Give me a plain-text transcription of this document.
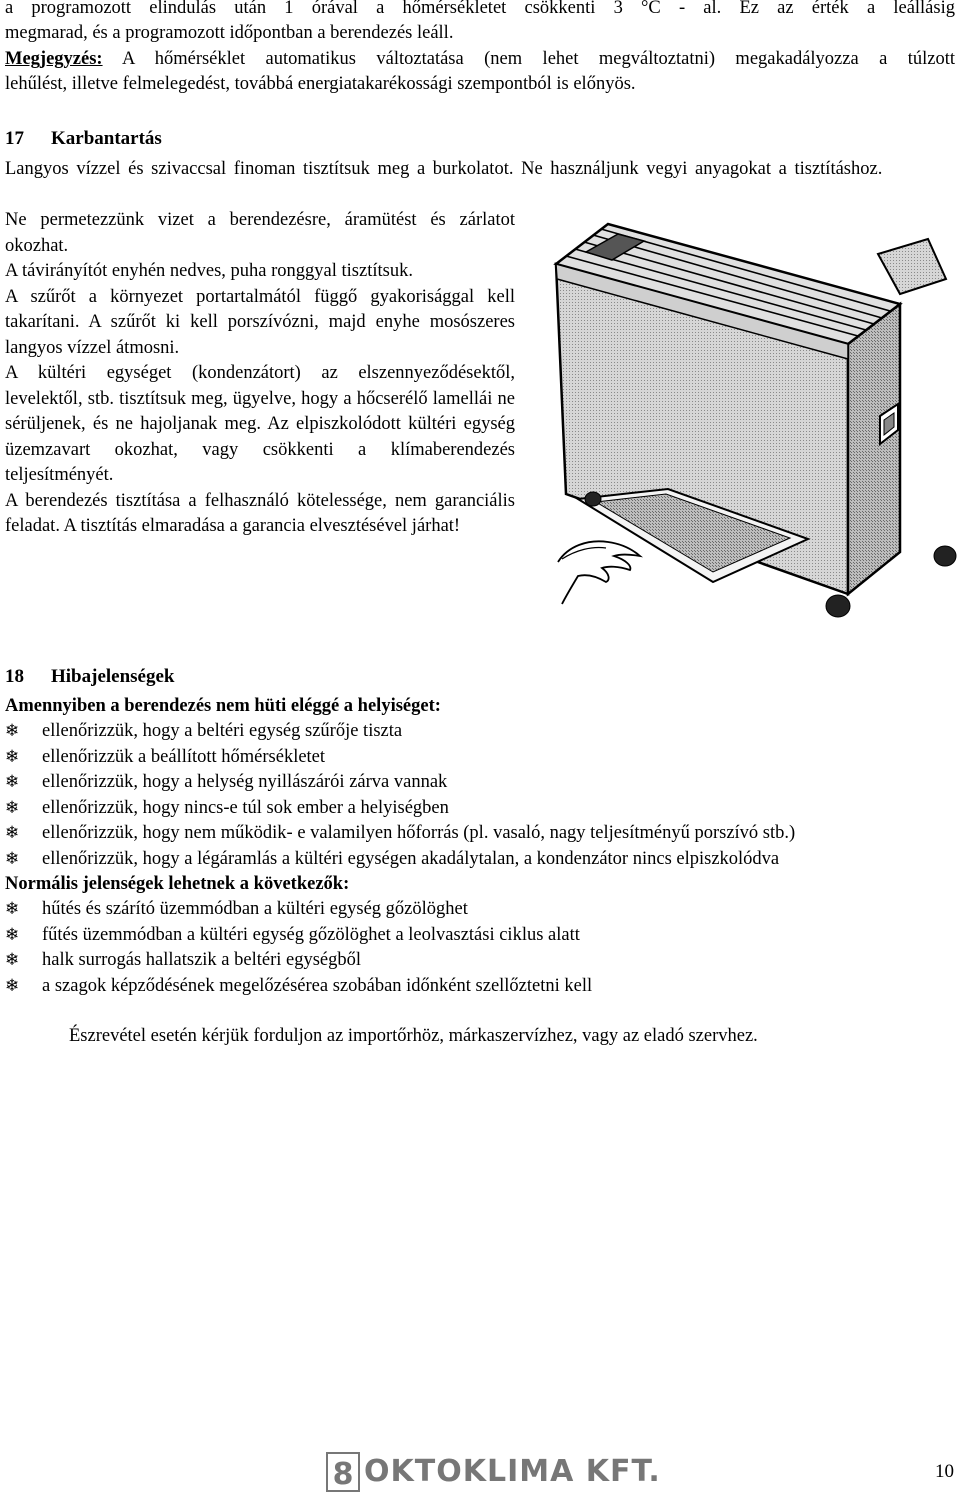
a programozott elindulás után 1 órával a hőmérsékletet csökkenti 3 °C - al. Ez az érték a leállásig
megmarad, és a programozott időpontban a berendezés leáll.
Megjegyzés: A hőmérséklet automatikus változtatása (nem lehet megváltoztatni) megakadályozza a túlzott
lehűlést, illetve felmelegedést, továbbá energiatakarékossági szempontból is előnyös.
17 Karbantartás
Langyos vízzel és szivaccsal finoman tisztítsuk meg a burkolatot. Ne használjunk vegyi anyagokat a tisztításhoz.
Ne permetezzünk vizet a berendezésre, áramütést és zárlatot okozhat.
A távirányítót enyhén nedves, puha ronggyal tisztítsuk.
A szűrőt a környezet portartalmától függő gyakorisággal kell takarítani. A szűrőt ki kell porszívózni, majd enyhe mosószeres langyos vízzel átmosni.
A kültéri egységet (kondenzátort) az elszennyeződésektől, levelektől, stb. tisztítsuk meg, ügyelve, hogy a hőcserélő lamellái ne sérüljenek, és ne hajoljanak meg. Az elpiszkolódott kültéri egység üzemzavart okozhat, vagy csökkenti a klímaberendezés teljesítményét.
A berendezés tisztítása a felhasználó kötelessége, nem garanciális feladat. A tisztítás elmaradása a garancia elvesztésével járhat!
18 Hibajelenségek
Amennyiben a berendezés nem hüti eléggé a helyiséget:
❄	ellenőrizzük, hogy a beltéri egység szűrője tiszta
❄	ellenőrizzük a beállított hőmérsékletet
❄	ellenőrizzük, hogy a helység nyillászárói zárva vannak
❄	ellenőrizzük, hogy nincs-e túl sok ember a helyiségben
❄	ellenőrizzük, hogy nem működik- e valamilyen hőforrás (pl. vasaló, nagy teljesítményű porszívó stb.)
❄	ellenőrizzük, hogy a légáramlás a kültéri egységen akadálytalan, a kondenzátor nincs elpiszkolódva
Normális jelenségek lehetnek a következők:
❄	hűtés és szárító üzemmódban a kültéri egység gőzölöghet
❄	fűtés üzemmódban a kültéri egység gőzölöghet a leolvasztási ciklus alatt
❄	halk surrogás hallatszik a beltéri egységből
❄	a szagok képződésének megelőzésérea szobában időnként szellőztetni kell
Észrevétel esetén kérjük forduljon az importőrhöz, márkaszervízhez, vagy az eladó szervhez.
8 OKTOKLIMA KFT.	10
